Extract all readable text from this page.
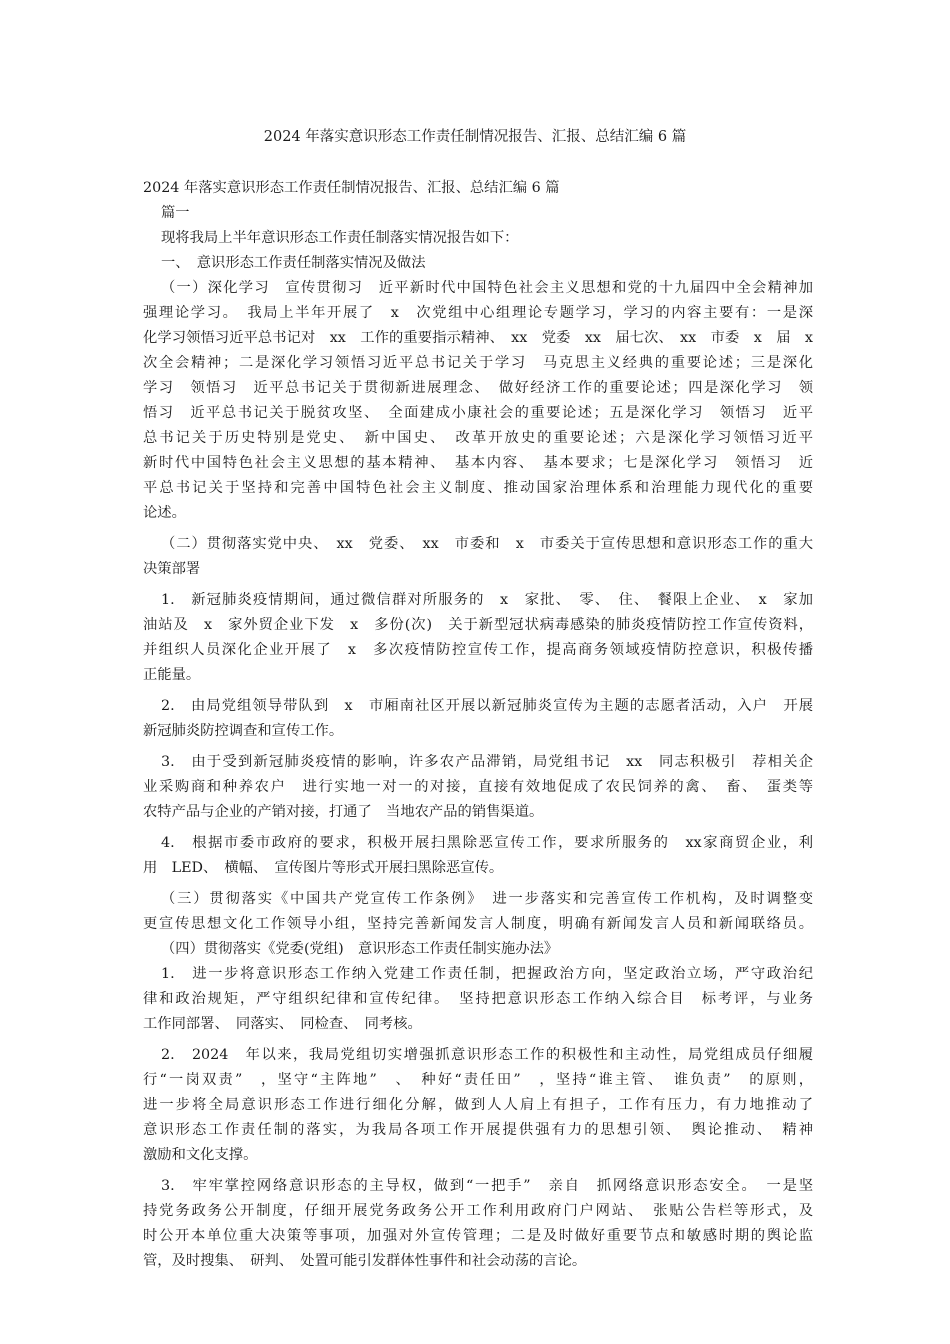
2024 年落实意识形态工作责任制情况报告、汇报、总结汇编 6 篇
2024 年落实意识形态工作责任制情况报告、汇报、总结汇编 6 篇
篇一
现将我局上半年意识形态工作责任制落实情况报告如下：
一、　意识形态工作责任制落实情况及做法
（一）深化学习　宣传贯彻习　近平新时代中国特色社会主义思想和党的十九届四中全会精神加
强理论学习。　我局上半年开展了　x　次党组中心组理论专题学习，学习的内容主要有：一是深
化学习领悟习近平总书记对　xx　工作的重要指示精神、　xx　党委　xx　届七次、　xx　市委　x　届　x
次全会精神；二是深化学习领悟习近平总书记关于学习　马克思主义经典的重要论述；三是深化
学习　领悟习　近平总书记关于贯彻新进展理念、　做好经济工作的重要论述；四是深化学习　领
悟习　近平总书记关于脱贫攻坚、　全面建成小康社会的重要论述；五是深化学习　领悟习　近平
总书记关于历史特别是党史、　新中国史、　改革开放史的重要论述；六是深化学习领悟习近平
新时代中国特色社会主义思想的基本精神、　基本内容、　基本要求；七是深化学习　领悟习　近
平总书记关于坚持和完善中国特色社会主义制度、推动国家治理体系和治理能力现代化的重要
论述。
（二）贯彻落实党中央、　xx　党委、　xx　市委和　x　市委关于宣传思想和意识形态工作的重大
决策部署
1.　新冠肺炎疫情期间，通过微信群对所服务的　x　家批、　零、　住、　餐限上企业、　x　家加
油站及　x　家外贸企业下发　x　多份(次)　关于新型冠状病毒感染的肺炎疫情防控工作宣传资料，
并组织人员深化企业开展了　x　多次疫情防控宣传工作，提高商务领域疫情防控意识，积极传播
正能量。
2.　由局党组领导带队到　x　市厢南社区开展以新冠肺炎宣传为主题的志愿者活动，入户　开展
新冠肺炎防控调查和宣传工作。
3.　由于受到新冠肺炎疫情的影响，许多农产品滞销，局党组书记　xx　同志积极引　荐相关企
业采购商和种养农户　进行实地一对一的对接，直接有效地促成了农民饲养的禽、　畜、　蛋类等
农特产品与企业的产销对接，打通了　当地农产品的销售渠道。
4.　根据市委市政府的要求，积极开展扫黑除恶宣传工作，要求所服务的　xx家商贸企业，利
用　LED、　横幅、　宣传图片等形式开展扫黑除恶宣传。
（三）贯彻落实《中国共产党宣传工作条例》　进一步落实和完善宣传工作机构，及时调整变
更宣传思想文化工作领导小组，坚持完善新闻发言人制度，明确有新闻发言人员和新闻联络员。
（四）贯彻落实《党委(党组)　意识形态工作责任制实施办法》
1.　进一步将意识形态工作纳入党建工作责任制，把握政治方向，坚定政治立场，严守政治纪
律和政治规矩，严守组织纪律和宣传纪律。　坚持把意识形态工作纳入综合目　标考评，与业务
工作同部署、　同落实、　同检查、　同考核。
2.　2024　年以来，我局党组切实增强抓意识形态工作的积极性和主动性，局党组成员仔细履
行“一岗双责”　，坚守“主阵地”　、　种好“责任田”　，坚持“谁主管、　谁负责”　的原则，
进一步将全局意识形态工作进行细化分解，做到人人肩上有担子，工作有压力，有力地推动了
意识形态工作责任制的落实，为我局各项工作开展提供强有力的思想引领、　舆论推动、　精神
激励和文化支撑。
3.　牢牢掌控网络意识形态的主导权，做到“一把手”　亲自　抓网络意识形态安全。　一是坚
持党务政务公开制度，仔细开展党务政务公开工作利用政府门户网站、　张贴公告栏等形式，及
时公开本单位重大决策等事项，加强对外宣传管理；二是及时做好重要节点和敏感时期的舆论监
管，及时搜集、　研判、　处置可能引发群体性事件和社会动荡的言论。
